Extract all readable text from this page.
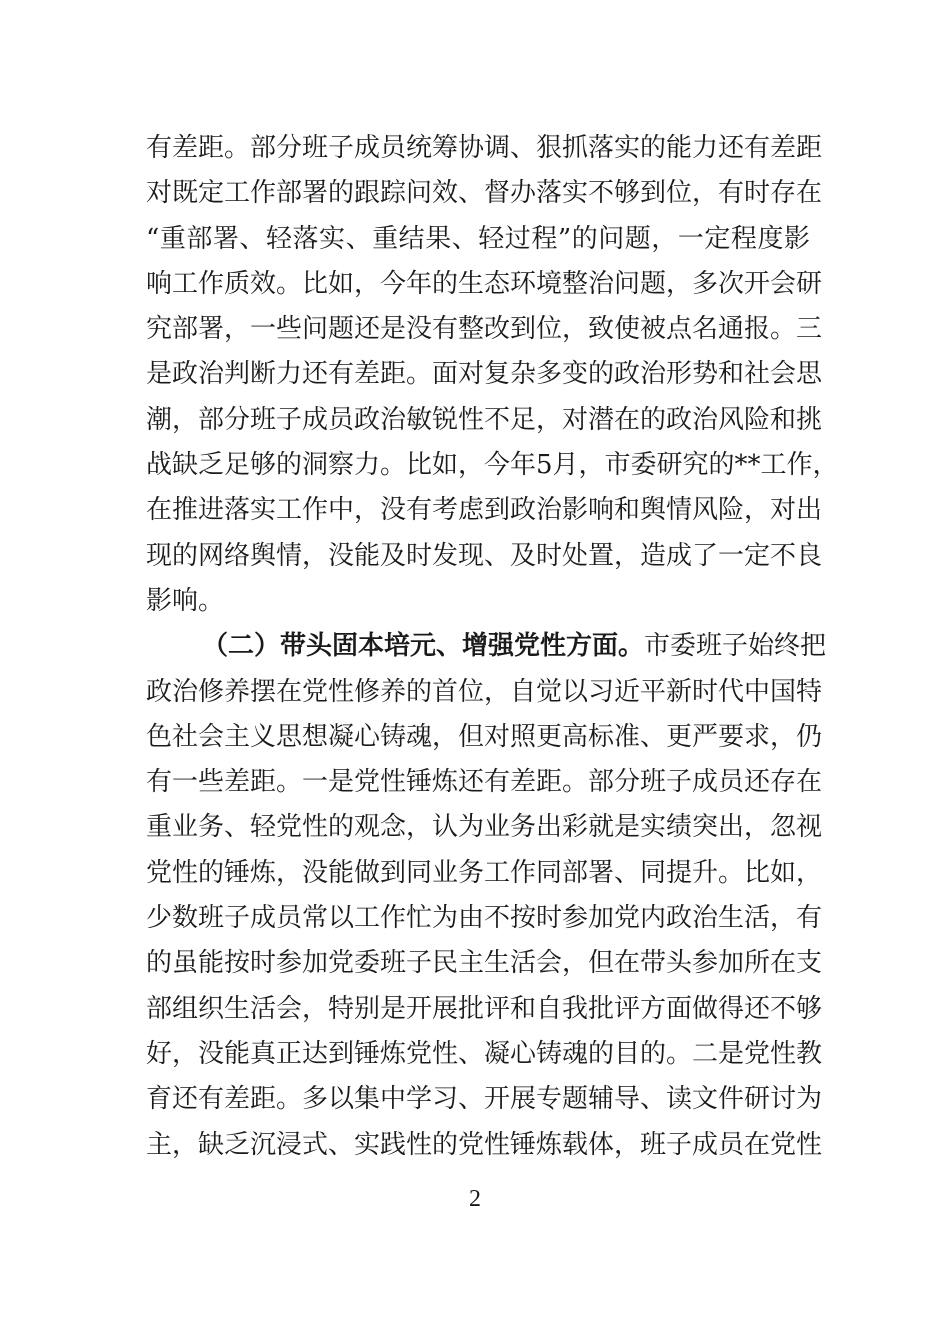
有差距。部分班子成员统筹协调、狠抓落实的能力还有差距
对既定工作部署的跟踪问效、督办落实不够到位，有时存在
“重部署、轻落实、重结果、轻过程”的问题，一定程度影
响工作质效。比如，今年的生态环境整治问题，多次开会研
究部署，一些问题还是没有整改到位，致使被点名通报。三
是政治判断力还有差距。面对复杂多变的政治形势和社会思
潮，部分班子成员政治敏锐性不足，对潜在的政治风险和挑
战缺乏足够的洞察力。比如，今年5月，市委研究的**工作，
在推进落实工作中，没有考虑到政治影响和舆情风险，对出
现的网络舆情，没能及时发现、及时处置，造成了一定不良
影响。
（二）带头固本培元、增强党性方面。市委班子始终把
政治修养摆在党性修养的首位，自觉以习近平新时代中国特
色社会主义思想凝心铸魂，但对照更高标准、更严要求，仍
有一些差距。一是党性锤炼还有差距。部分班子成员还存在
重业务、轻党性的观念，认为业务出彩就是实绩突出，忽视
党性的锤炼，没能做到同业务工作同部署、同提升。比如，
少数班子成员常以工作忙为由不按时参加党内政治生活，有
的虽能按时参加党委班子民主生活会，但在带头参加所在支
部组织生活会，特别是开展批评和自我批评方面做得还不够
好，没能真正达到锤炼党性、凝心铸魂的目的。二是党性教
育还有差距。多以集中学习、开展专题辅导、读文件研讨为
主，缺乏沉浸式、实践性的党性锤炼载体，班子成员在党性
2
